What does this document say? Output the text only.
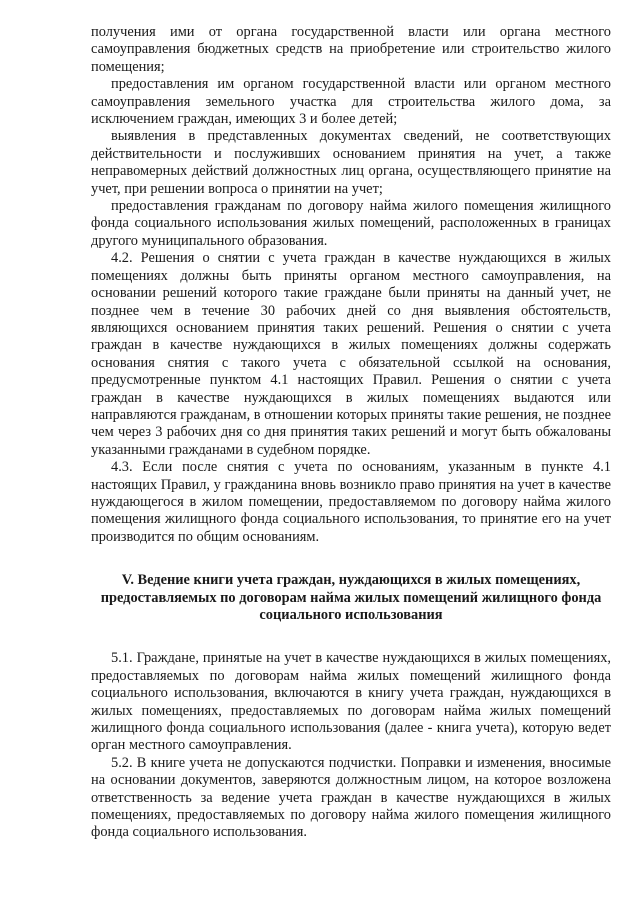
получения ими от органа государственной власти или органа местного самоуправления бюджетных средств на приобретение или строительство жилого помещения;

предоставления им органом государственной власти или органом местного самоуправления земельного участка для строительства жилого дома, за исключением граждан, имеющих 3 и более детей;

выявления в представленных документах сведений, не соответствующих действительности и послуживших основанием принятия на учет, а также неправомерных действий должностных лиц органа, осуществляющего принятие на учет, при решении вопроса о принятии на учет;

предоставления гражданам по договору найма жилого помещения жилищного фонда социального использования жилых помещений, расположенных в границах другого муниципального образования.

4.2. Решения о снятии с учета граждан в качестве нуждающихся в жилых помещениях должны быть приняты органом местного самоуправления, на основании решений которого такие граждане были приняты на данный учет, не позднее чем в течение 30 рабочих дней со дня выявления обстоятельств, являющихся основанием принятия таких решений. Решения о снятии с учета граждан в качестве нуждающихся в жилых помещениях должны содержать основания снятия с такого учета с обязательной ссылкой на основания, предусмотренные пунктом 4.1 настоящих Правил. Решения о снятии с учета граждан в качестве нуждающихся в жилых помещениях выдаются или направляются гражданам, в отношении которых приняты такие решения, не позднее чем через 3 рабочих дня со дня принятия таких решений и могут быть обжалованы указанными гражданами в судебном порядке.

4.3. Если после снятия с учета по основаниям, указанным в пункте 4.1 настоящих Правил, у гражданина вновь возникло право принятия на учет в качестве нуждающегося в жилом помещении, предоставляемом по договору найма жилого помещения жилищного фонда социального использования, то принятие его на учет производится по общим основаниям.

V. Ведение книги учета граждан, нуждающихся в жилых помещениях,
предоставляемых по договорам найма жилых помещений жилищного фонда
социального использования

5.1. Граждане, принятые на учет в качестве нуждающихся в жилых помещениях, предоставляемых по договорам найма жилых помещений жилищного фонда социального использования, включаются в книгу учета граждан, нуждающихся в жилых помещениях, предоставляемых по договорам найма жилых помещений жилищного фонда социального использования (далее - книга учета), которую ведет орган местного самоуправления.

5.2. В книге учета не допускаются подчистки. Поправки и изменения, вносимые на основании документов, заверяются должностным лицом, на которое возложена ответственность за ведение учета граждан в качестве нуждающихся в жилых помещениях, предоставляемых по договору найма жилого помещения жилищного фонда социального использования.
